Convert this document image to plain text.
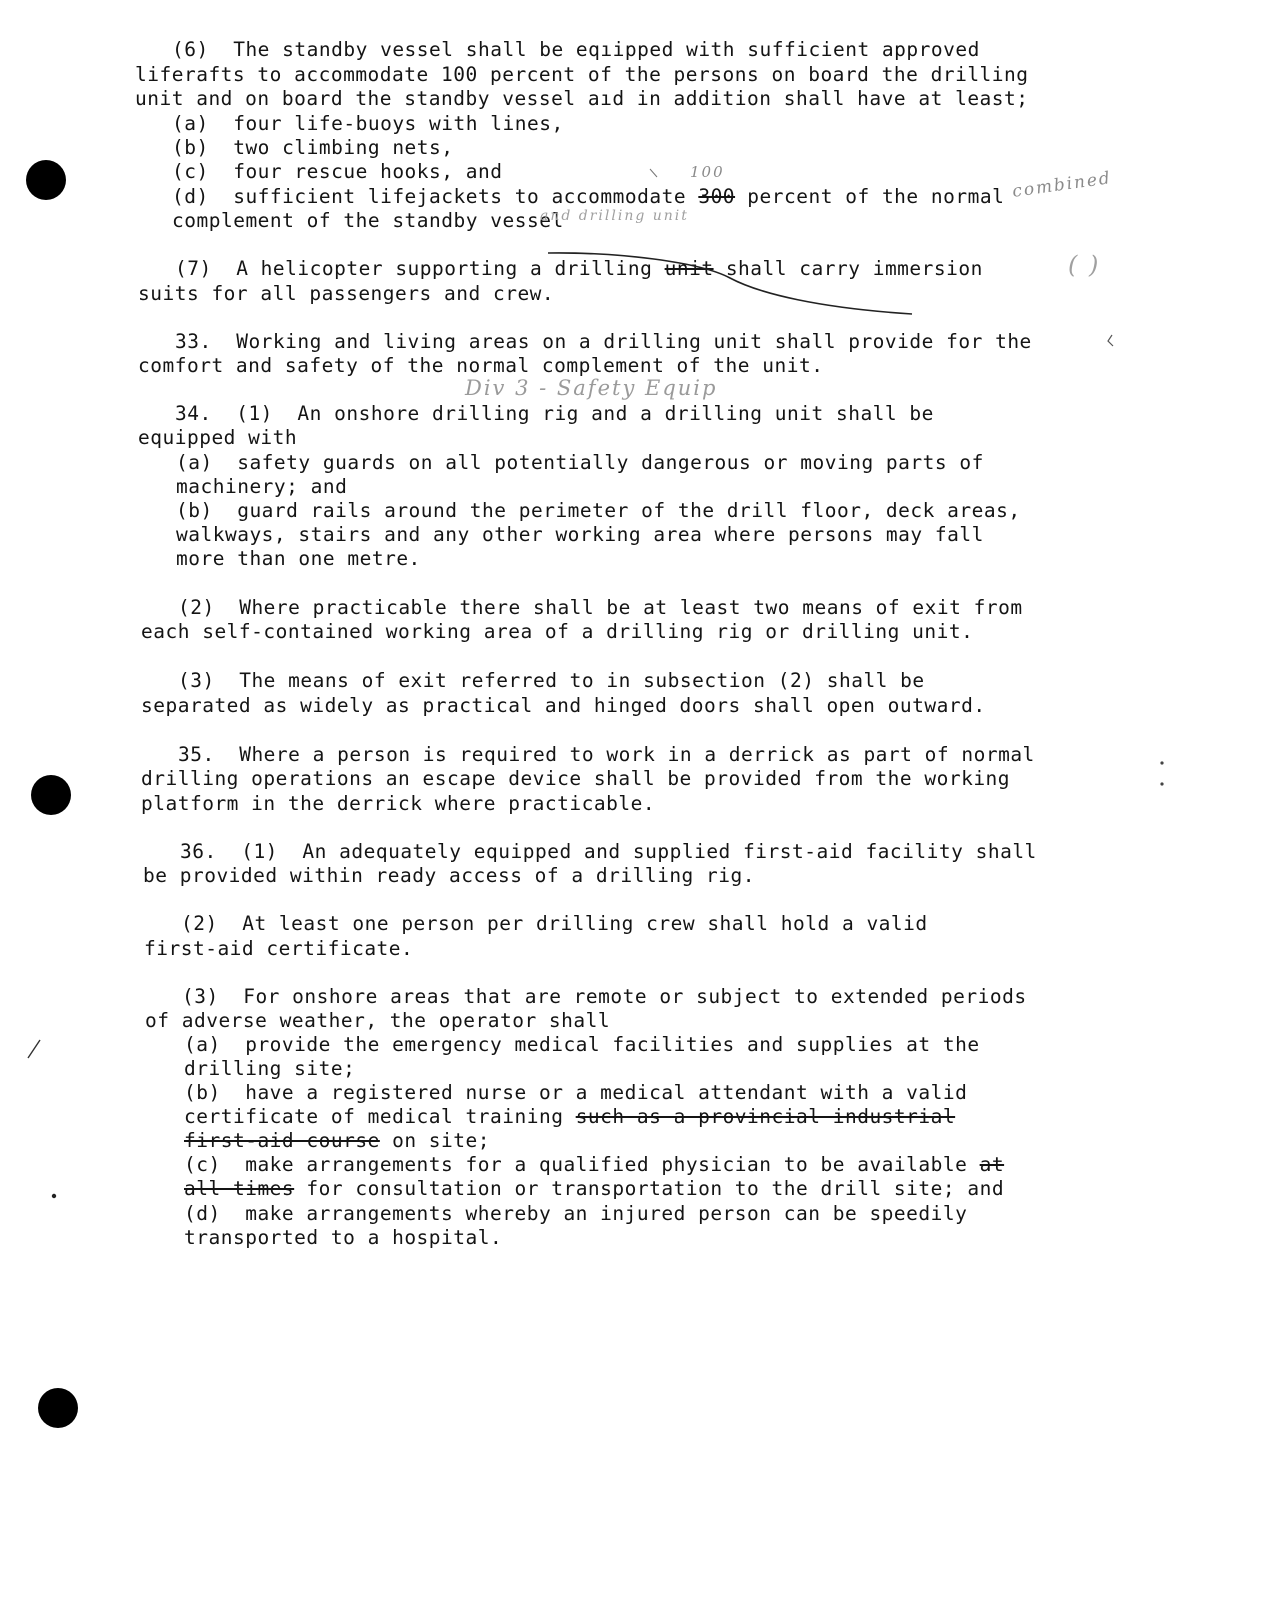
(6)  The standby vessel shall be eqıipped with sufficient approved
liferafts to accommodate 100 percent of the persons on board the drilling
unit and on board the standby vessel aıd in addition shall have at least;
(a)  four life-buoys with lines,
(b)  two climbing nets,
(c)  four rescue hooks, and
(d)  sufficient lifejackets to accommodate 300 percent of the normal
complement of the standby vessel
(7)  A helicopter supporting a drilling unit shall carry immersion
suits for all passengers and crew.
33.  Working and living areas on a drilling unit shall provide for the
comfort and safety of the normal complement of the unit.
34.  (1)  An onshore drilling rig and a drilling unit shall be
equipped with
(a)  safety guards on all potentially dangerous or moving parts of
machinery; and
(b)  guard rails around the perimeter of the drill floor, deck areas,
walkways, stairs and any other working area where persons may fall
more than one metre.
(2)  Where practicable there shall be at least two means of exit from
each self-contained working area of a drilling rig or drilling unit.
(3)  The means of exit referred to in subsection (2) shall be
separated as widely as practical and hinged doors shall open outward.
35.  Where a person is required to work in a derrick as part of normal
drilling operations an escape device shall be provided from the working
platform in the derrick where practicable.
36.  (1)  An adequately equipped and supplied first-aid facility shall
be provided within ready access of a drilling rig.
(2)  At least one person per drilling crew shall hold a valid
first-aid certificate.
(3)  For onshore areas that are remote or subject to extended periods
of adverse weather, the operator shall
(a)  provide the emergency medical facilities and supplies at the
drilling site;
(b)  have a registered nurse or a medical attendant with a valid
certificate of medical training such as a provincial industrial
first-aid course on site;
(c)  make arrangements for a qualified physician to be available at
all times for consultation or transportation to the drill site; and
(d)  make arrangements whereby an injured person can be speedily
transported to a hospital.
100	combined
and drilling unit
Div 3 - Safety Equip
( )
